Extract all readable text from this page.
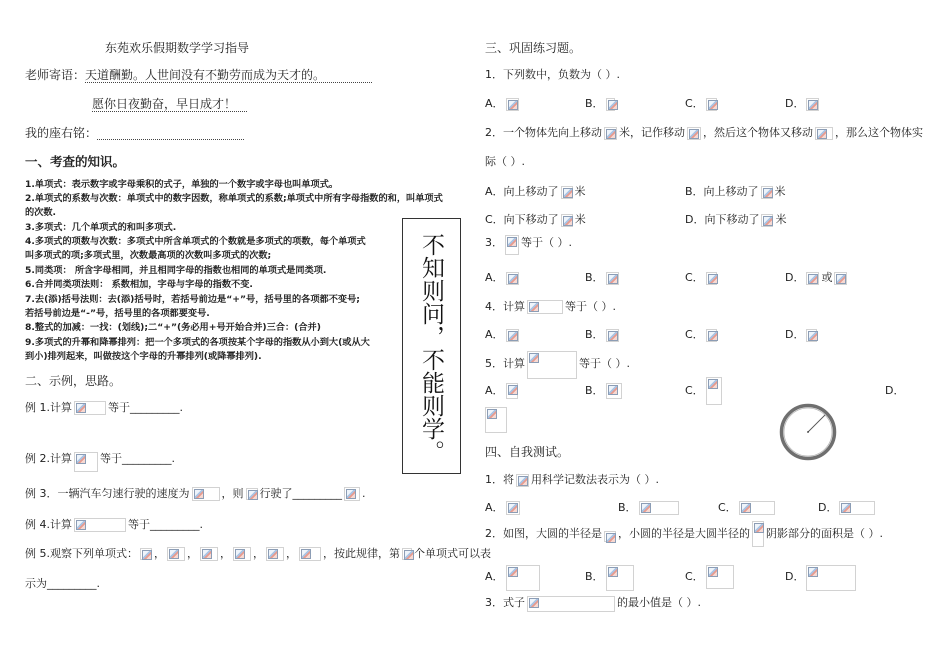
东苑欢乐假期数学学习指导
老师寄语：天道酬勤。人世间没有不勤劳而成为天才的。
愿你日夜勤奋，早日成才！
我的座右铭：
一、考查的知识。
1.单项式：表示数字或字母乘积的式子，单独的一个数字或字母也叫单项式。
2.单项式的系数与次数：单项式中的数字因数，称单项式的系数;单项式中所有字母指数的和，叫单项式
的次数.
3.多项式：几个单项式的和叫多项式.
4.多项式的项数与次数：多项式中所含单项式的个数就是多项式的项数，每个单项式
叫多项式的项;多项式里，次数最高项的次数叫多项式的次数;
5.同类项： 所含字母相同，并且相同字母的指数也相同的单项式是同类项.
6.合并同类项法则： 系数相加，字母与字母的指数不变.
7.去(添)括号法则：去(添)括号时，若括号前边是“+”号，括号里的各项都不变号;
若括号前边是“-”号，括号里的各项都要变号.
8.整式的加减：一找：(划线);二“+”(务必用+号开始合并)三合：(合并)
9.多项式的升幂和降幂排列：把一个多项式的各项按某个字母的指数从小到大(或从大
到小)排列起来，叫做按这个字母的升幂排列(或降幂排列).	不知则问，不能则学。
二、示例，思路。
例 1.计算	等于_________.
例 2.计算	等于_________.
例 3．一辆汽车匀速行驶的速度为	，则 行驶了_________ .
例 4.计算	等于_________.
例 5.观察下列单项式： ， ， ， ， ， ，按此规律，第 个单项式可以表
示为_________.
三、巩固练习题。
1．下列数中，负数为（ ）.
A．	B．	C．	D．
2．一个物体先向上移动 米，记作移动 ，然后这个物体又移动 ，那么这个物体实
际（ ）.
A．向上移动了 米	B．向上移动了 米
C．向下移动了 米	D．向下移动了 米
3． 等于（ ）.
A．	B．	C．	D． 或
4．计算	等于（ ）.
A．	B．	C．	D．
5．计算	等于（ ）.
A．	B．	C．	D．
四、自我测试。
1．将 用科学记数法表示为（ ）.
A．	B．	C．	D．
2．如图，大圆的半径是 ，小圆的半径是大圆半径的 阴影部分的面积是（ ）.
A．	B．	C．	D．
3．式子	的最小值是（ ）.
